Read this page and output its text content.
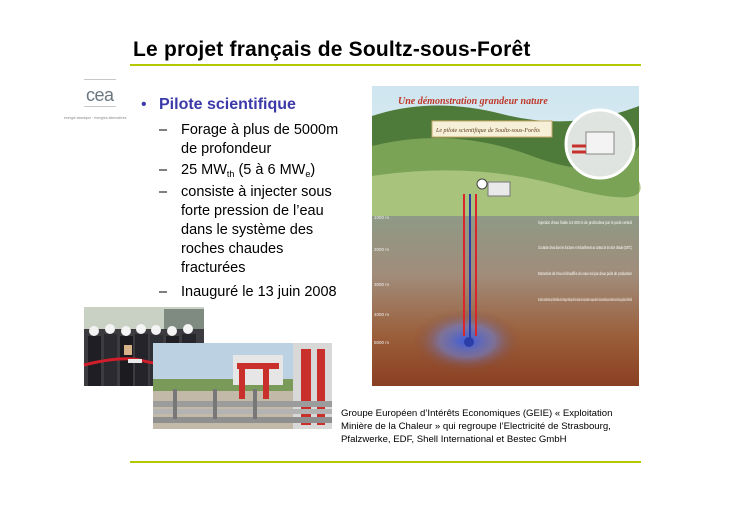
Le projet français de Soultz-sous-Forêt
cea
énergie atomique · énergies alternatives
• Pilote scientifique
– Forage à plus de 5000m
de profondeur
– 25 $MW_{th}$ (5 à 6 $MW_e$)
– consiste à injecter sous
forte pression de l’eau
dans le système des
roches chaudes
fracturées
– Inauguré le 13 juin 2008
1000 m
2000 m
3000 m
4000 m
5000 m
Une démonstration grandeur nature
Le pilote scientifique de Soultz-sous-Forêts
Injection d'eau froide à 5 000 m de profondeur par le puits central
Circulation d'eau dans les fractures et réchauffement au contact de la roche chaude (200°C)
Extraction de l'eau réchauffée du sous-sol par deux puits de production
En surface, transformation par l'intermédiaire d'un échangeur thermique de l'eau chaude du circuit primaire en vapeur dans le circuit secondaire pour entraîner une turbine qui produit de l'électricité
Groupe Européen d’Intérêts Economiques (GEIE) « Exploitation Minière de la Chaleur » qui regroupe l’Electricité de Strasbourg, Pfalzwerke, EDF, Shell International et Bestec GmbH
